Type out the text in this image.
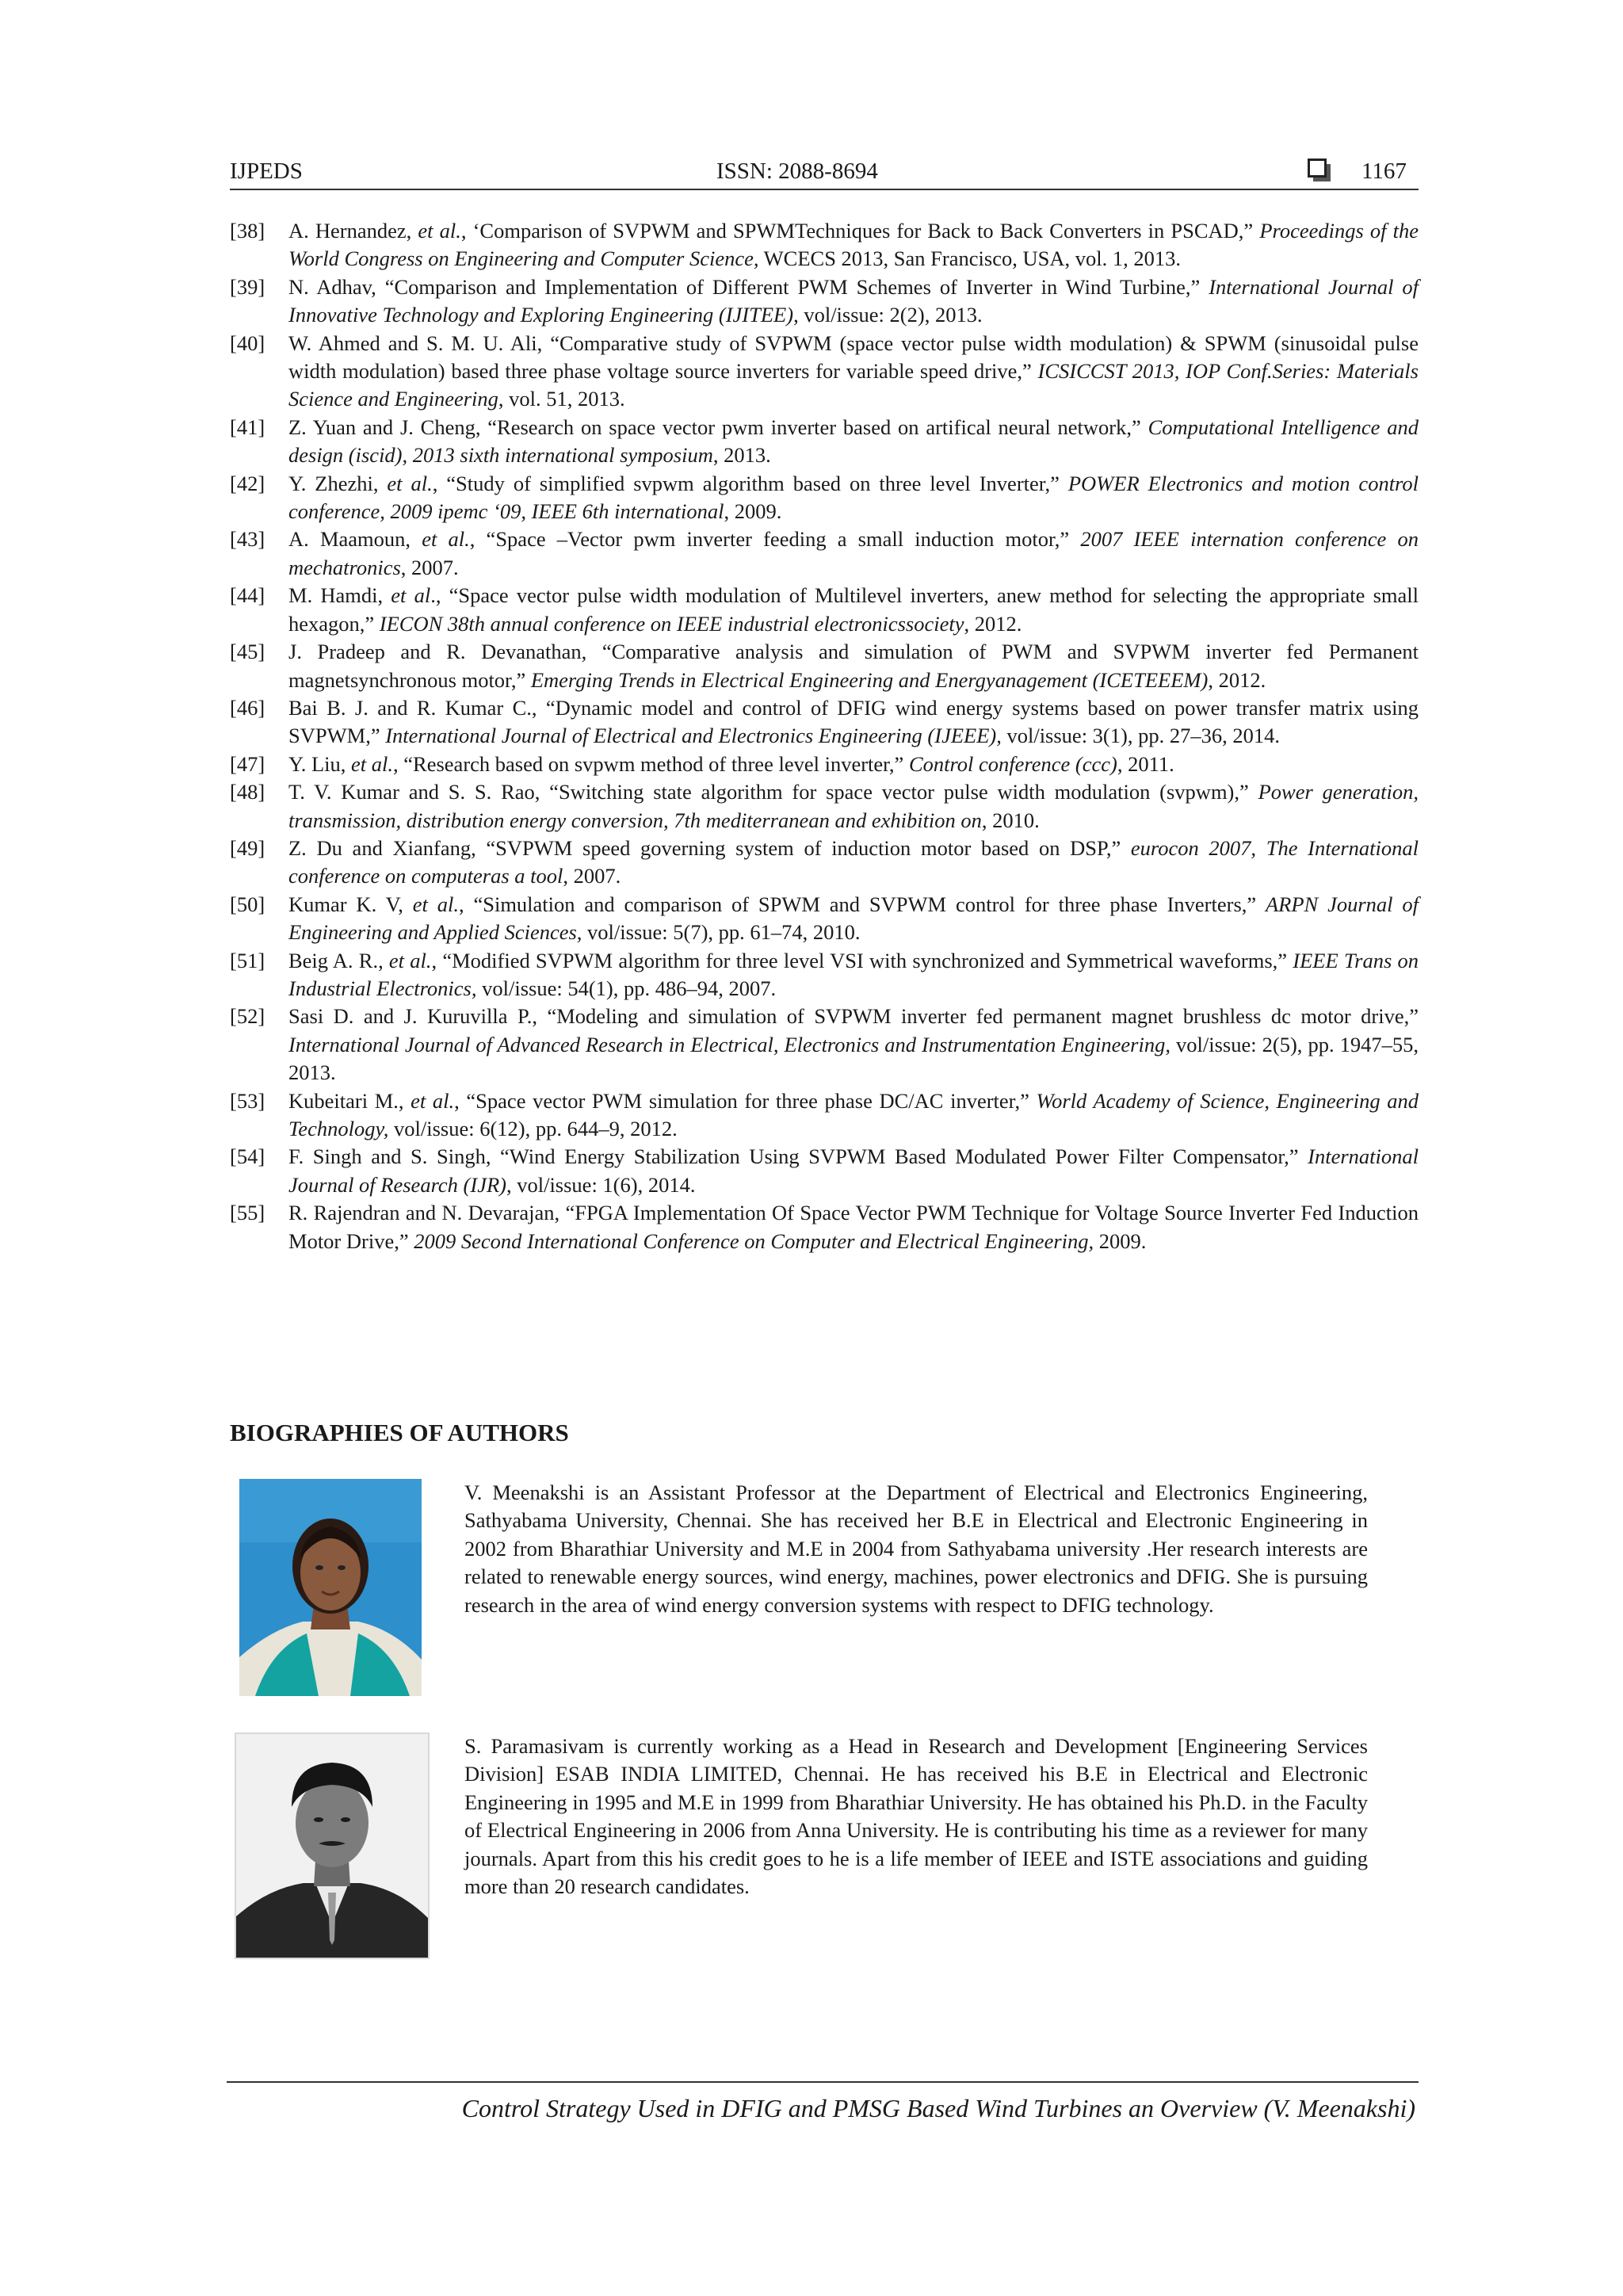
IJPEDS	ISSN: 2088-8694	1167
[38] A. Hernandez, et al., ‘Comparison of SVPWM and SPWMTechniques for Back to Back Converters in PSCAD,” Proceedings of the World Congress on Engineering and Computer Science, WCECS 2013, San Francisco, USA, vol. 1, 2013.
[39] N. Adhav, “Comparison and Implementation of Different PWM Schemes of Inverter in Wind Turbine,” International Journal of Innovative Technology and Exploring Engineering (IJITEE), vol/issue: 2(2), 2013.
[40] W. Ahmed and S. M. U. Ali, “Comparative study of SVPWM (space vector pulse width modulation) & SPWM (sinusoidal pulse width modulation) based three phase voltage source inverters for variable speed drive,” ICSICCST 2013, IOP Conf.Series: Materials Science and Engineering, vol. 51, 2013.
[41] Z. Yuan and J. Cheng, “Research on space vector pwm inverter based on artifical neural network,” Computational Intelligence and design (iscid), 2013 sixth international symposium, 2013.
[42] Y. Zhezhi, et al., “Study of simplified svpwm algorithm based on three level Inverter,” POWER Electronics and motion control conference, 2009 ipemc ‘09, IEEE 6th international, 2009.
[43] A. Maamoun, et al., “Space –Vector pwm inverter feeding a small induction motor,” 2007 IEEE internation conference on mechatronics, 2007.
[44] M. Hamdi, et al., “Space vector pulse width modulation of Multilevel inverters, anew method for selecting the appropriate small hexagon,” IECON 38th annual conference on IEEE industrial electronicssociety, 2012.
[45] J. Pradeep and R. Devanathan, “Comparative analysis and simulation of PWM and SVPWM inverter fed Permanent magnetsynchronous motor,” Emerging Trends in Electrical Engineering and Energyanagement (ICETEEEM), 2012.
[46] Bai B. J. and R. Kumar C., “Dynamic model and control of DFIG wind energy systems based on power transfer matrix using SVPWM,” International Journal of Electrical and Electronics Engineering (IJEEE), vol/issue: 3(1), pp. 27–36, 2014.
[47] Y. Liu, et al., “Research based on svpwm method of three level inverter,” Control conference (ccc), 2011.
[48] T. V. Kumar and S. S. Rao, “Switching state algorithm for space vector pulse width modulation (svpwm),” Power generation, transmission, distribution energy conversion, 7th mediterranean and exhibition on, 2010.
[49] Z. Du and Xianfang, “SVPWM speed governing system of induction motor based on DSP,” eurocon 2007, The International conference on computeras a tool, 2007.
[50] Kumar K. V, et al., “Simulation and comparison of SPWM and SVPWM control for three phase Inverters,” ARPN Journal of Engineering and Applied Sciences, vol/issue: 5(7), pp. 61–74, 2010.
[51] Beig A. R., et al., “Modified SVPWM algorithm for three level VSI with synchronized and Symmetrical waveforms,” IEEE Trans on Industrial Electronics, vol/issue: 54(1), pp. 486–94, 2007.
[52] Sasi D. and J. Kuruvilla P., “Modeling and simulation of SVPWM inverter fed permanent magnet brushless dc motor drive,” International Journal of Advanced Research in Electrical, Electronics and Instrumentation Engineering, vol/issue: 2(5), pp. 1947–55, 2013.
[53] Kubeitari M., et al., “Space vector PWM simulation for three phase DC/AC inverter,” World Academy of Science, Engineering and Technology, vol/issue: 6(12), pp. 644–9, 2012.
[54] F. Singh and S. Singh, “Wind Energy Stabilization Using SVPWM Based Modulated Power Filter Compensator,” International Journal of Research (IJR), vol/issue: 1(6), 2014.
[55] R. Rajendran and N. Devarajan, “FPGA Implementation Of Space Vector PWM Technique for Voltage Source Inverter Fed Induction Motor Drive,” 2009 Second International Conference on Computer and Electrical Engineering, 2009.
BIOGRAPHIES OF AUTHORS

V. Meenakshi is an Assistant Professor at the Department of Electrical and Electronics Engineering, Sathyabama University, Chennai. She has received her B.E in Electrical and Electronic Engineering in 2002 from Bharathiar University and M.E in 2004 from Sathyabama university .Her research interests are related to renewable energy sources, wind energy, machines, power electronics and DFIG. She is pursuing research in the area of wind energy conversion systems with respect to DFIG technology.

S. Paramasivam is currently working as a Head in Research and Development [Engineering Services Division] ESAB INDIA LIMITED, Chennai. He has received his B.E in Electrical and Electronic Engineering in 1995 and M.E in 1999 from Bharathiar University. He has obtained his Ph.D. in the Faculty of Electrical Engineering in 2006 from Anna University. He is contributing his time as a reviewer for many journals. Apart from this his credit goes to he is a life member of IEEE and ISTE associations and guiding more than 20 research candidates.

Control Strategy Used in DFIG and PMSG Based Wind Turbines an Overview (V. Meenakshi)
